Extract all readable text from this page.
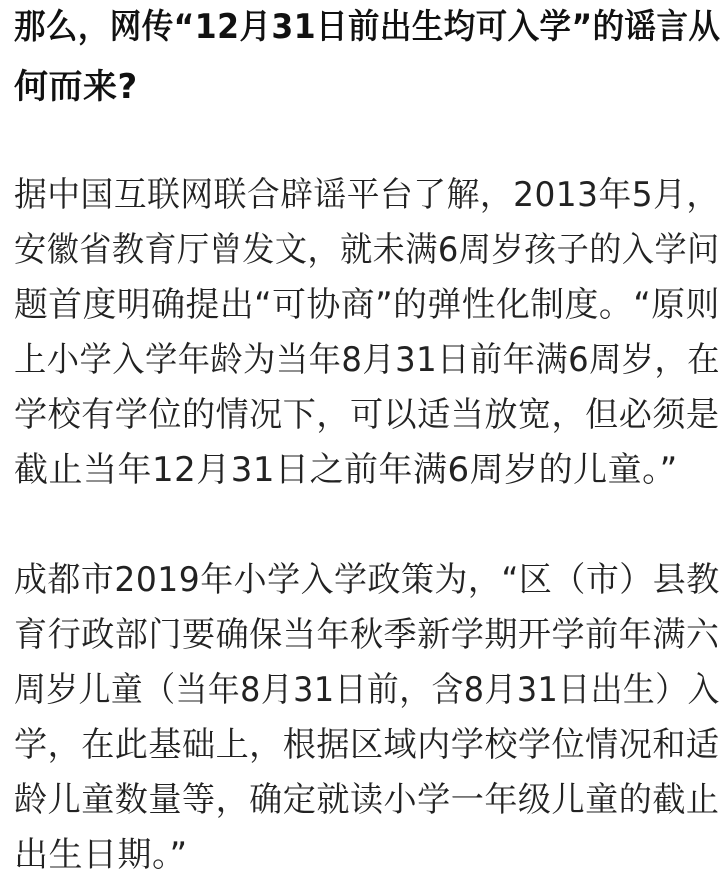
那么，网传“12月31日前出生均可入学”的谣言从
何而来?
据中国互联网联合辟谣平台了解，2013年5月，
安徽省教育厅曾发文，就未满6周岁孩子的入学问
题首度明确提出“可协商”的弹性化制度。“原则
上小学入学年龄为当年8月31日前年满6周岁，在
学校有学位的情况下，可以适当放宽，但必须是
截止当年12月31日之前年满6周岁的儿童。”
成都市2019年小学入学政策为，“区（市）县教
育行政部门要确保当年秋季新学期开学前年满六
周岁儿童（当年8月31日前，含8月31日出生）入
学，在此基础上，根据区域内学校学位情况和适
龄儿童数量等，确定就读小学一年级儿童的截止
出生日期。”
